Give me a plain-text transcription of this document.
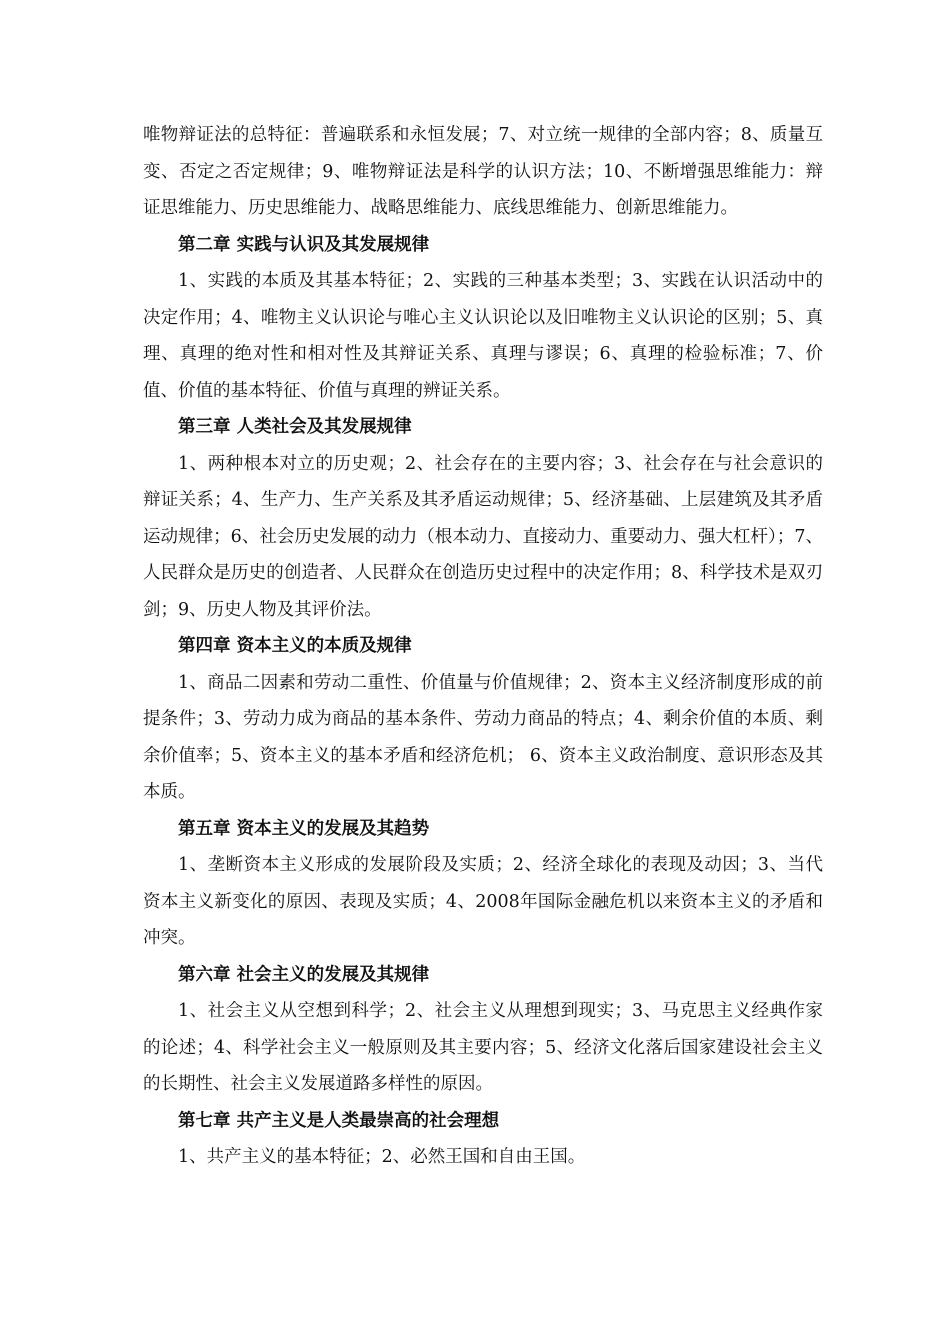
唯物辩证法的总特征：普遍联系和永恒发展；7、对立统一规律的全部内容；8、质量互变、否定之否定规律；9、唯物辩证法是科学的认识方法；10、不断增强思维能力：辩证思维能力、历史思维能力、战略思维能力、底线思维能力、创新思维能力。

第二章 实践与认识及其发展规律

1、实践的本质及其基本特征；2、实践的三种基本类型；3、实践在认识活动中的决定作用；4、唯物主义认识论与唯心主义认识论以及旧唯物主义认识论的区别；5、真理、真理的绝对性和相对性及其辩证关系、真理与谬误；6、真理的检验标准；7、价值、价值的基本特征、价值与真理的辨证关系。

第三章 人类社会及其发展规律

1、两种根本对立的历史观；2、社会存在的主要内容；3、社会存在与社会意识的辩证关系；4、生产力、生产关系及其矛盾运动规律；5、经济基础、上层建筑及其矛盾运动规律；6、社会历史发展的动力（根本动力、直接动力、重要动力、强大杠杆）；7、人民群众是历史的创造者、人民群众在创造历史过程中的决定作用；8、科学技术是双刃剑；9、历史人物及其评价法。

第四章 资本主义的本质及规律

1、商品二因素和劳动二重性、价值量与价值规律；2、资本主义经济制度形成的前提条件；3、劳动力成为商品的基本条件、劳动力商品的特点；4、剩余价值的本质、剩余价值率；5、资本主义的基本矛盾和经济危机； 6、资本主义政治制度、意识形态及其本质。

第五章 资本主义的发展及其趋势

1、垄断资本主义形成的发展阶段及实质；2、经济全球化的表现及动因；3、当代资本主义新变化的原因、表现及实质；4、2008年国际金融危机以来资本主义的矛盾和冲突。

第六章 社会主义的发展及其规律

1、社会主义从空想到科学；2、社会主义从理想到现实；3、马克思主义经典作家的论述；4、科学社会主义一般原则及其主要内容；5、经济文化落后国家建设社会主义的长期性、社会主义发展道路多样性的原因。

第七章 共产主义是人类最崇高的社会理想

1、共产主义的基本特征；2、必然王国和自由王国。
